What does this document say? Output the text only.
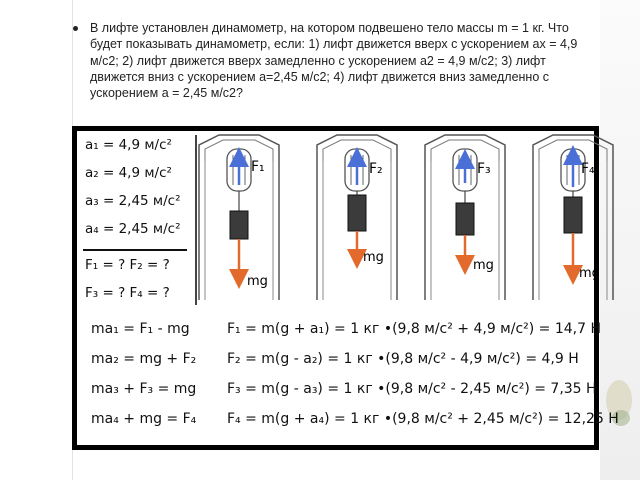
В лифте установлен динамометр, на котором подвешено тело массы m = 1 кг. Что будет показывать динамометр, если: 1) лифт движется вверх с ускорением ах = 4,9 м/с2; 2) лифт движется вверх замедленно с ускорением а2 = 4,9 м/с2; 3) лифт движется вниз с ускорением а=2,45 м/с2; 4) лифт движется вниз замедленно с ускорением а = 2,45 м/с2?
a₁ = 4,9 м/с²
a₂ = 4,9 м/с²
a₃ = 2,45 м/с²
a₄ = 2,45 м/с²
F₁ = ? F₂ = ?
F₃ = ? F₄ = ?
F₁
mg
F₂
mg
F₃
mg
F₄
mg
ma₁ = F₁ - mg	F₁ = m(g + a₁) = 1 кг •(9,8 м/с² + 4,9 м/с²) = 14,7 Н
ma₂ = mg + F₂ F₂ = m(g - a₂) = 1 кг •(9,8 м/с² - 4,9 м/с²) = 4,9 Н
ma₃ + F₃ = mg F₃ = m(g - a₃) = 1 кг •(9,8 м/с² - 2,45 м/с²) = 7,35 Н
ma₄ + mg = F₄ F₄ = m(g + a₄) = 1 кг •(9,8 м/с² + 2,45 м/с²) = 12,25 Н
